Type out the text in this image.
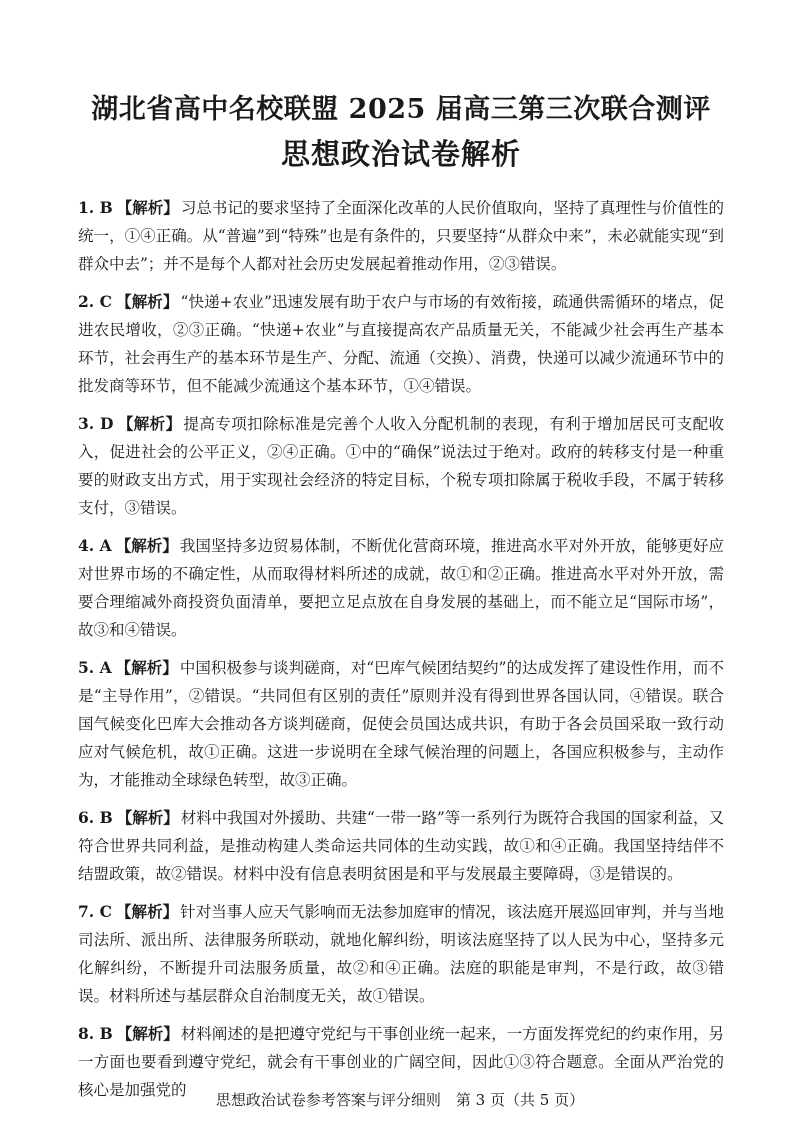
湖北省高中名校联盟 2025 届高三第三次联合测评
思想政治试卷解析

1. B 【解析】 习总书记的要求坚持了全面深化改革的人民价值取向，坚持了真理性与价值性的统一，①④正确。从“普遍”到“特殊”也是有条件的，只要坚持“从群众中来”，未必就能实现“到群众中去”；并不是每个人都对社会历史发展起着推动作用，②③错误。

2. C 【解析】 “快递+农业”迅速发展有助于农户与市场的有效衔接，疏通供需循环的堵点，促进农民增收，②③正确。“快递+农业”与直接提高农产品质量无关，不能减少社会再生产基本环节，社会再生产的基本环节是生产、分配、流通（交换）、消费，快递可以减少流通环节中的批发商等环节，但不能减少流通这个基本环节，①④错误。

3. D 【解析】 提高专项扣除标准是完善个人收入分配机制的表现，有利于增加居民可支配收入，促进社会的公平正义，②④正确。①中的“确保”说法过于绝对。政府的转移支付是一种重要的财政支出方式，用于实现社会经济的特定目标，个税专项扣除属于税收手段，不属于转移支付，③错误。

4. A 【解析】 我国坚持多边贸易体制，不断优化营商环境，推进高水平对外开放，能够更好应对世界市场的不确定性，从而取得材料所述的成就，故①和②正确。推进高水平对外开放，需要合理缩减外商投资负面清单，要把立足点放在自身发展的基础上，而不能立足“国际市场”，故③和④错误。

5. A 【解析】 中国积极参与谈判磋商，对“巴库气候团结契约”的达成发挥了建设性作用，而不是“主导作用”，②错误。“共同但有区别的责任”原则并没有得到世界各国认同，④错误。联合国气候变化巴库大会推动各方谈判磋商，促使会员国达成共识，有助于各会员国采取一致行动应对气候危机，故①正确。这进一步说明在全球气候治理的问题上，各国应积极参与，主动作为，才能推动全球绿色转型，故③正确。

6. B 【解析】 材料中我国对外援助、共建“一带一路”等一系列行为既符合我国的国家利益，又符合世界共同利益，是推动构建人类命运共同体的生动实践，故①和④正确。我国坚持结伴不结盟政策，故②错误。材料中没有信息表明贫困是和平与发展最主要障碍，③是错误的。

7. C 【解析】 针对当事人应天气影响而无法参加庭审的情况，该法庭开展巡回审判，并与当地司法所、派出所、法律服务所联动，就地化解纠纷，明该法庭坚持了以人民为中心，坚持多元化解纠纷，不断提升司法服务质量，故②和④正确。法庭的职能是审判，不是行政，故③错误。材料所述与基层群众自治制度无关，故①错误。

8. B 【解析】 材料阐述的是把遵守党纪与干事创业统一起来，一方面发挥党纪的约束作用，另一方面也要看到遵守党纪，就会有干事创业的广阔空间，因此①③符合题意。全面从严治党的核心是加强党的

思想政治试卷参考答案与评分细则　第 3 页（共 5 页）
